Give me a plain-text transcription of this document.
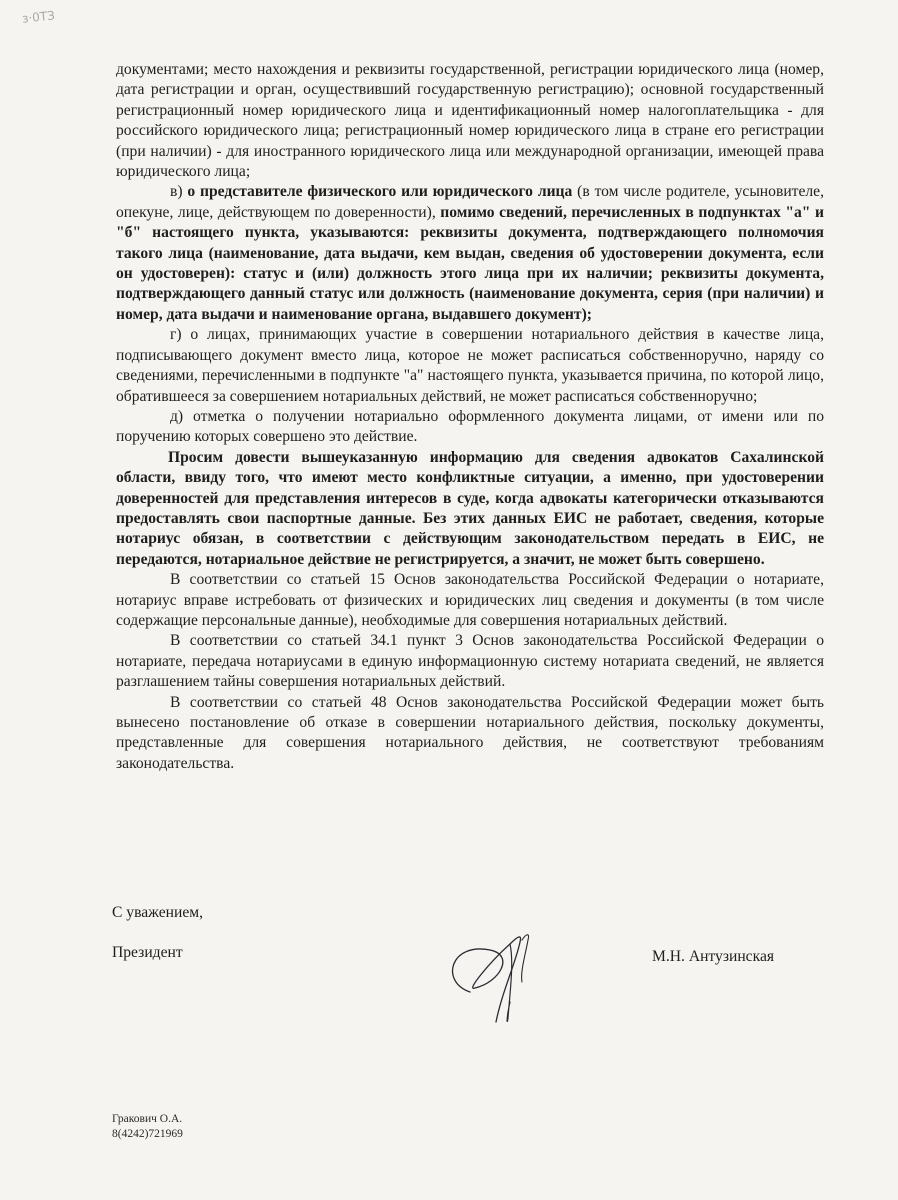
з·0ТЗ

документами; место нахождения и реквизиты государственной, регистрации юридического лица (номер, дата регистрации и орган, осуществивший государственную регистрацию); основной государственный регистрационный номер юридического лица и идентификационный номер налогоплательщика - для российского юридического лица; регистрационный номер юридического лица в стране его регистрации (при наличии) - для иностранного юридического лица или международной организации, имеющей права юридического лица;

в) о представителе физического или юридического лица (в том числе родителе, усыновителе, опекуне, лице, действующем по доверенности), помимо сведений, перечисленных в подпунктах "а" и "б" настоящего пункта, указываются: реквизиты документа, подтверждающего полномочия такого лица (наименование, дата выдачи, кем выдан, сведения об удостоверении документа, если он удостоверен): статус и (или) должность этого лица при их наличии; реквизиты документа, подтверждающего данный статус или должность (наименование документа, серия (при наличии) и номер, дата выдачи и наименование органа, выдавшего документ);

г) о лицах, принимающих участие в совершении нотариального действия в качестве лица, подписывающего документ вместо лица, которое не может расписаться собственноручно, наряду со сведениями, перечисленными в подпункте "а" настоящего пункта, указывается причина, по которой лицо, обратившееся за совершением нотариальных действий, не может расписаться собственноручно;

д) отметка о получении нотариально оформленного документа лицами, от имени или по поручению которых совершено это действие.

Просим довести вышеуказанную информацию для сведения адвокатов Сахалинской области, ввиду того, что имеют место конфликтные ситуации, а именно, при удостоверении доверенностей для представления интересов в суде, когда адвокаты категорически отказываются предоставлять свои паспортные данные. Без этих данных ЕИС не работает, сведения, которые нотариус обязан, в соответствии с действующим законодательством передать в ЕИС, не передаются, нотариальное действие не регистрируется, а значит, не может быть совершено.

В соответствии со статьей 15 Основ законодательства Российской Федерации о нотариате, нотариус вправе истребовать от физических и юридических лиц сведения и документы (в том числе содержащие персональные данные), необходимые для совершения нотариальных действий.

В соответствии со статьей 34.1 пункт 3 Основ законодательства Российской Федерации о нотариате, передача нотариусами в единую информационную систему нотариата сведений, не является разглашением тайны совершения нотариальных действий.

В соответствии со статьей 48 Основ законодательства Российской Федерации может быть вынесено постановление об отказе в совершении нотариального действия, поскольку документы, представленные для совершения нотариального действия, не соответствуют требованиям законодательства.

С уважением,
Президент	М.Н. Антузинская
Гракович О.А.
8(4242)721969
